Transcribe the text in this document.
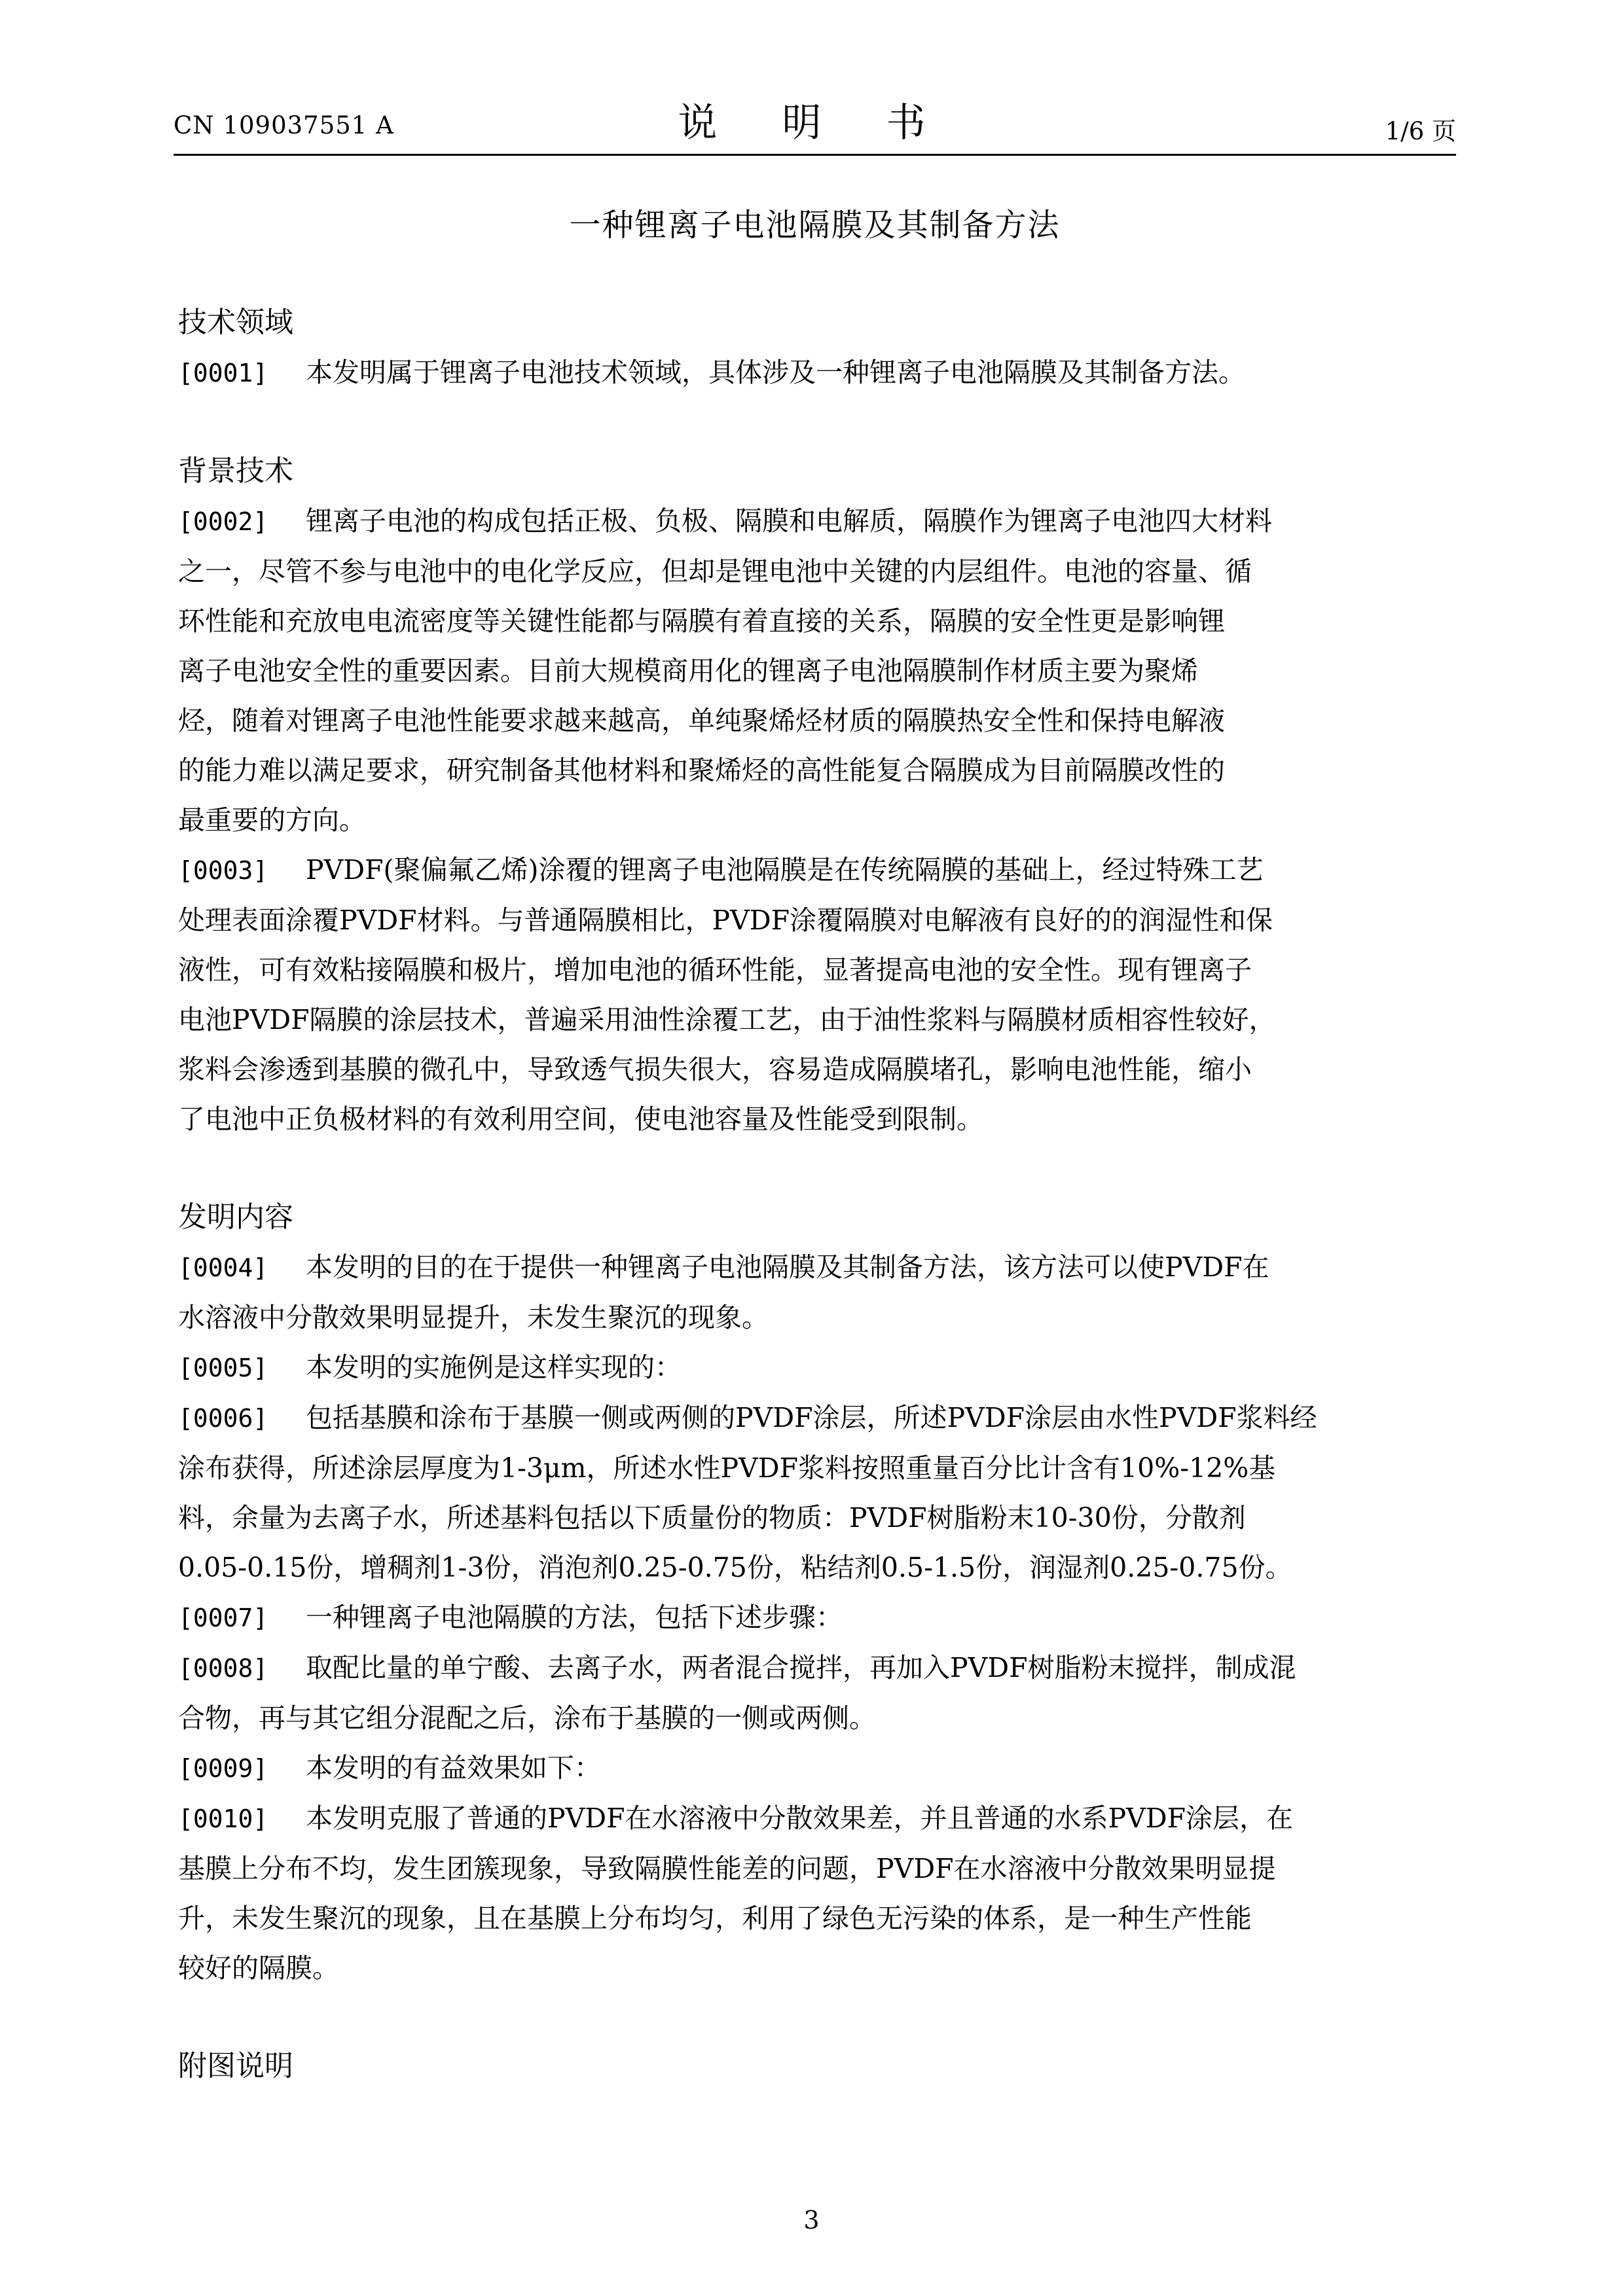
CN 109037551 A	说 明 书	1/6 页
一种锂离子电池隔膜及其制备方法
技术领域
[0001] 本发明属于锂离子电池技术领域，具体涉及一种锂离子电池隔膜及其制备方法。
背景技术
[0002] 锂离子电池的构成包括正极、负极、隔膜和电解质，隔膜作为锂离子电池四大材料
之一，尽管不参与电池中的电化学反应，但却是锂电池中关键的内层组件。电池的容量、循
环性能和充放电电流密度等关键性能都与隔膜有着直接的关系，隔膜的安全性更是影响锂
离子电池安全性的重要因素。目前大规模商用化的锂离子电池隔膜制作材质主要为聚烯
烃，随着对锂离子电池性能要求越来越高，单纯聚烯烃材质的隔膜热安全性和保持电解液
的能力难以满足要求，研究制备其他材料和聚烯烃的高性能复合隔膜成为目前隔膜改性的
最重要的方向。
[0003] PVDF(聚偏氟乙烯)涂覆的锂离子电池隔膜是在传统隔膜的基础上，经过特殊工艺
处理表面涂覆PVDF材料。与普通隔膜相比，PVDF涂覆隔膜对电解液有良好的的润湿性和保
液性，可有效粘接隔膜和极片，增加电池的循环性能，显著提高电池的安全性。现有锂离子
电池PVDF隔膜的涂层技术，普遍采用油性涂覆工艺，由于油性浆料与隔膜材质相容性较好，
浆料会渗透到基膜的微孔中，导致透气损失很大，容易造成隔膜堵孔，影响电池性能，缩小
了电池中正负极材料的有效利用空间，使电池容量及性能受到限制。
发明内容
[0004] 本发明的目的在于提供一种锂离子电池隔膜及其制备方法，该方法可以使PVDF在
水溶液中分散效果明显提升，未发生聚沉的现象。
[0005] 本发明的实施例是这样实现的：
[0006] 包括基膜和涂布于基膜一侧或两侧的PVDF涂层，所述PVDF涂层由水性PVDF浆料经
涂布获得，所述涂层厚度为1-3μm，所述水性PVDF浆料按照重量百分比计含有10%-12%基
料，余量为去离子水，所述基料包括以下质量份的物质：PVDF树脂粉末10-30份，分散剂
0.05-0.15份，增稠剂1-3份，消泡剂0.25-0.75份，粘结剂0.5-1.5份，润湿剂0.25-0.75份。
[0007] 一种锂离子电池隔膜的方法，包括下述步骤：
[0008] 取配比量的单宁酸、去离子水，两者混合搅拌，再加入PVDF树脂粉末搅拌，制成混
合物，再与其它组分混配之后，涂布于基膜的一侧或两侧。
[0009] 本发明的有益效果如下：
[0010] 本发明克服了普通的PVDF在水溶液中分散效果差，并且普通的水系PVDF涂层，在
基膜上分布不均，发生团簇现象，导致隔膜性能差的问题，PVDF在水溶液中分散效果明显提
升，未发生聚沉的现象，且在基膜上分布均匀，利用了绿色无污染的体系，是一种生产性能
较好的隔膜。
附图说明
3
